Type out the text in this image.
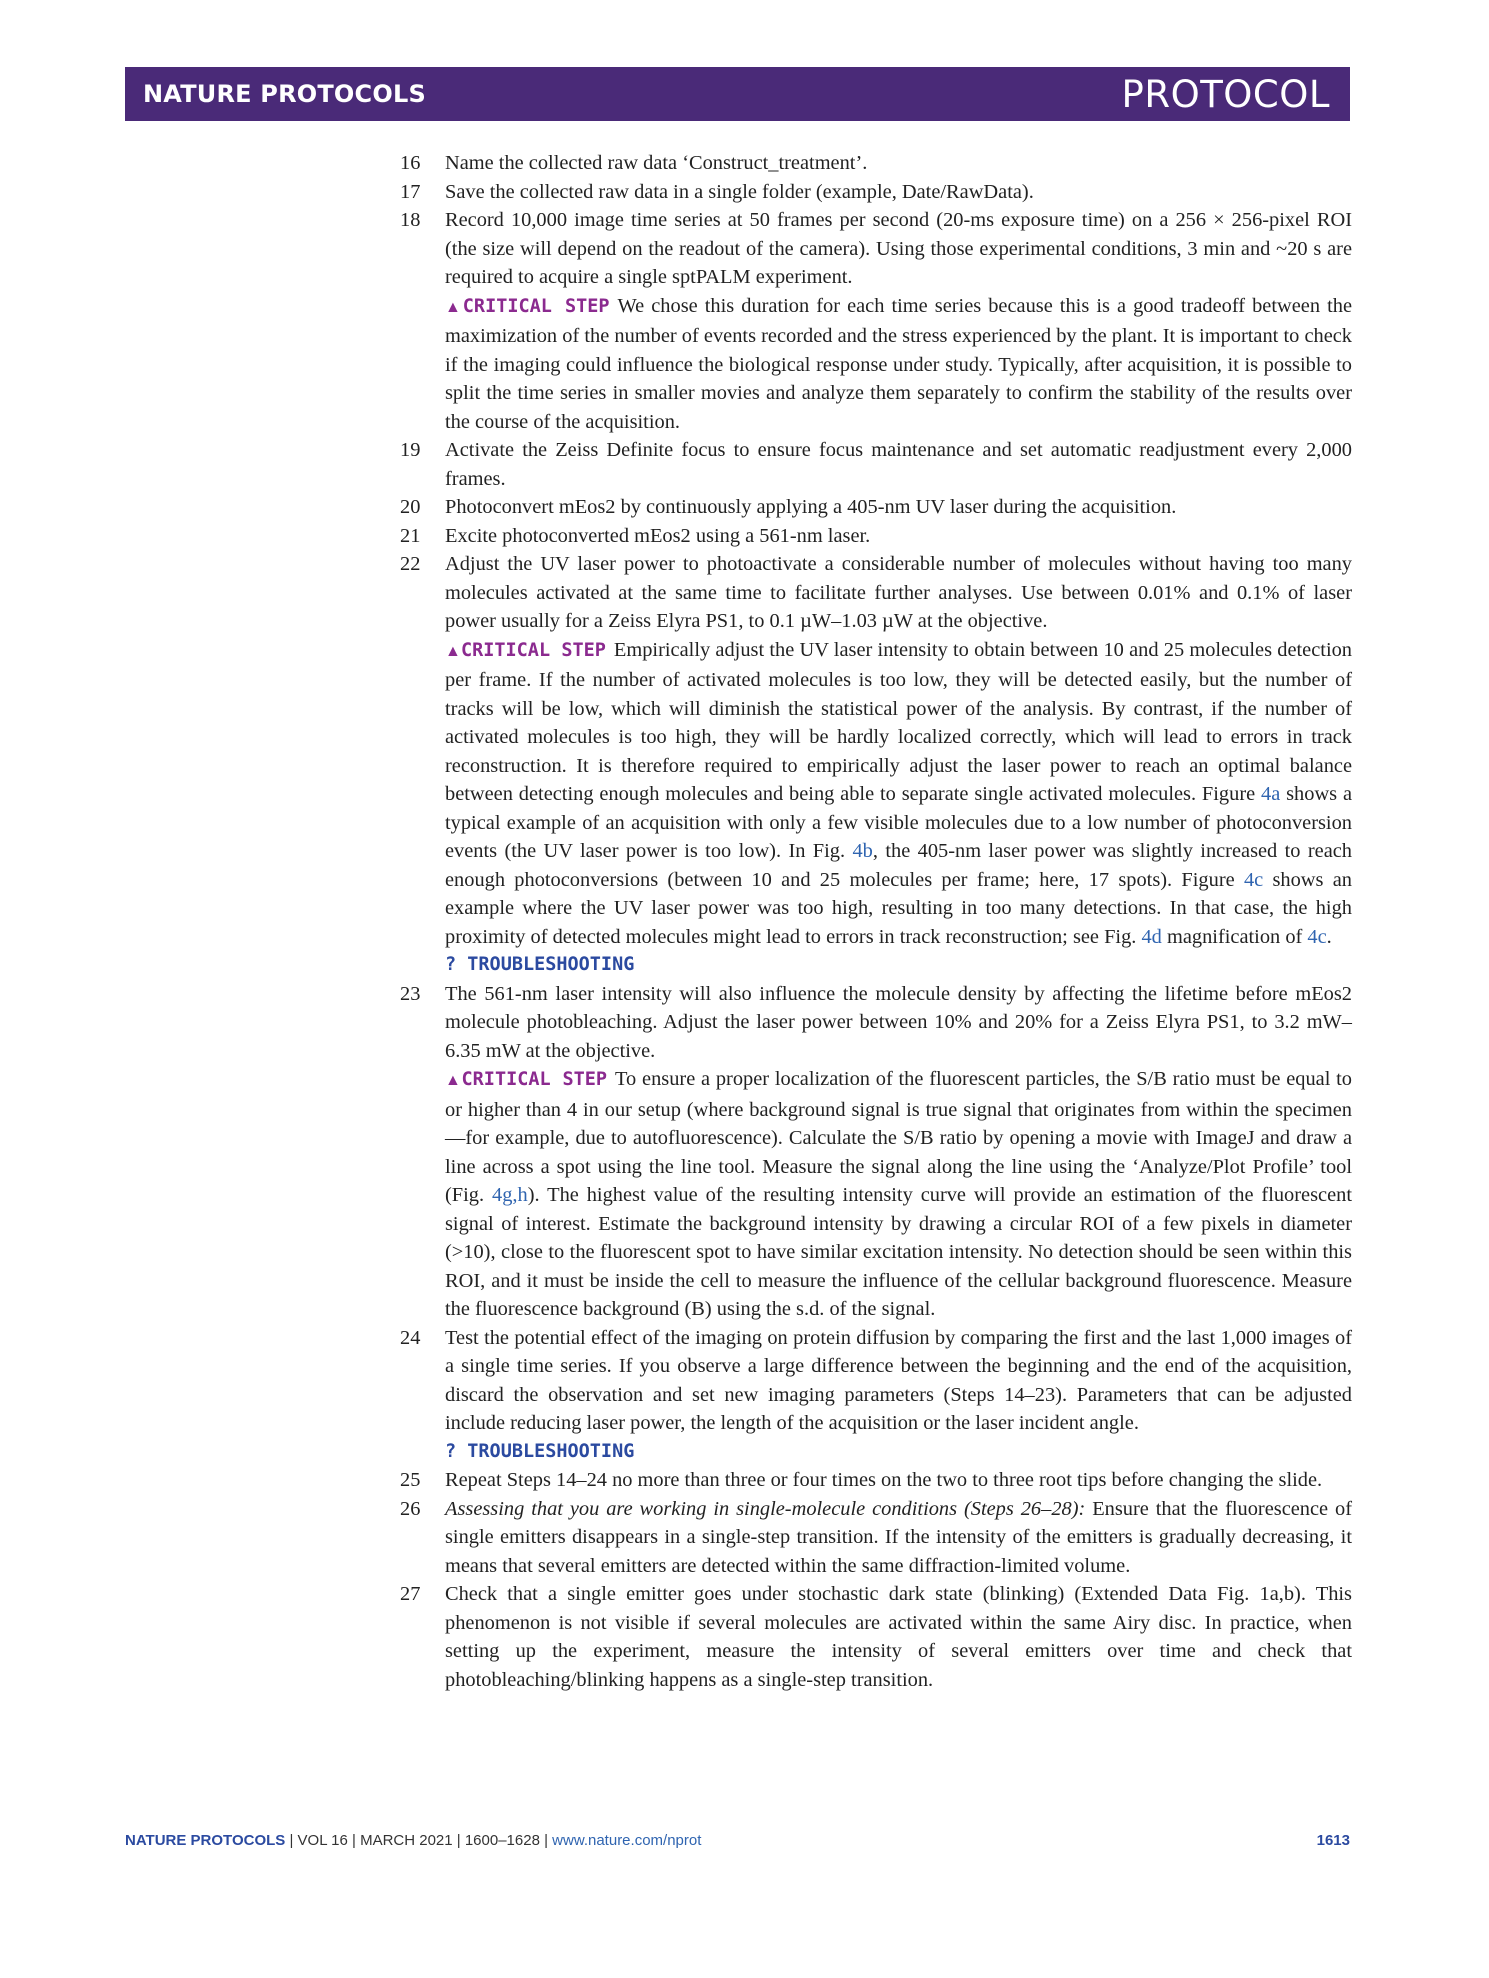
NATURE PROTOCOLS	PROTOCOL
16	Name the collected raw data ‘Construct_treatment’.

17	Save the collected raw data in a single folder (example, Date/RawData).

18	Record 10,000 image time series at 50 frames per second (20-ms exposure time) on a 256 × 256-pixel ROI (the size will depend on the readout of the camera). Using those experimental conditions, 3 min and ~20 s are required to acquire a single sptPALM experiment.

▲CRITICAL STEP We chose this duration for each time series because this is a good tradeoff between the maximization of the number of events recorded and the stress experienced by the plant. It is important to check if the imaging could influence the biological response under study. Typically, after acquisition, it is possible to split the time series in smaller movies and analyze them separately to confirm the stability of the results over the course of the acquisition.

19	Activate the Zeiss Definite focus to ensure focus maintenance and set automatic readjustment every 2,000 frames.

20	Photoconvert mEos2 by continuously applying a 405-nm UV laser during the acquisition.

21	Excite photoconverted mEos2 using a 561-nm laser.

22	Adjust the UV laser power to photoactivate a considerable number of molecules without having too many molecules activated at the same time to facilitate further analyses. Use between 0.01% and 0.1% of laser power usually for a Zeiss Elyra PS1, to 0.1 µW–1.03 µW at the objective.

▲CRITICAL STEP Empirically adjust the UV laser intensity to obtain between 10 and 25 molecules detection per frame. If the number of activated molecules is too low, they will be detected easily, but the number of tracks will be low, which will diminish the statistical power of the analysis. By contrast, if the number of activated molecules is too high, they will be hardly localized correctly, which will lead to errors in track reconstruction. It is therefore required to empirically adjust the laser power to reach an optimal balance between detecting enough molecules and being able to separate single activated molecules. Figure 4a shows a typical example of an acquisition with only a few visible molecules due to a low number of photoconversion events (the UV laser power is too low). In Fig. 4b, the 405-nm laser power was slightly increased to reach enough photoconversions (between 10 and 25 molecules per frame; here, 17 spots). Figure 4c shows an example where the UV laser power was too high, resulting in too many detections. In that case, the high proximity of detected molecules might lead to errors in track reconstruction; see Fig. 4d magnification of 4c.

? TROUBLESHOOTING

23	The 561-nm laser intensity will also influence the molecule density by affecting the lifetime before mEos2 molecule photobleaching. Adjust the laser power between 10% and 20% for a Zeiss Elyra PS1, to 3.2 mW–6.35 mW at the objective.

▲CRITICAL STEP To ensure a proper localization of the fluorescent particles, the S/B ratio must be equal to or higher than 4 in our setup (where background signal is true signal that originates from within the specimen—for example, due to autofluorescence). Calculate the S/B ratio by opening a movie with ImageJ and draw a line across a spot using the line tool. Measure the signal along the line using the ‘Analyze/Plot Profile’ tool (Fig. 4g,h). The highest value of the resulting intensity curve will provide an estimation of the fluorescent signal of interest. Estimate the background intensity by drawing a circular ROI of a few pixels in diameter (>10), close to the fluorescent spot to have similar excitation intensity. No detection should be seen within this ROI, and it must be inside the cell to measure the influence of the cellular background fluorescence. Measure the fluorescence background (B) using the s.d. of the signal.

24	Test the potential effect of the imaging on protein diffusion by comparing the first and the last 1,000 images of a single time series. If you observe a large difference between the beginning and the end of the acquisition, discard the observation and set new imaging parameters (Steps 14–23). Parameters that can be adjusted include reducing laser power, the length of the acquisition or the laser incident angle.

? TROUBLESHOOTING

25	Repeat Steps 14–24 no more than three or four times on the two to three root tips before changing the slide.

26	Assessing that you are working in single-molecule conditions (Steps 26–28): Ensure that the fluorescence of single emitters disappears in a single-step transition. If the intensity of the emitters is gradually decreasing, it means that several emitters are detected within the same diffraction-limited volume.

27	Check that a single emitter goes under stochastic dark state (blinking) (Extended Data Fig. 1a,b). This phenomenon is not visible if several molecules are activated within the same Airy disc. In practice, when setting up the experiment, measure the intensity of several emitters over time and check that photobleaching/blinking happens as a single-step transition.

NATURE PROTOCOLS | VOL 16 | MARCH 2021 | 1600–1628 | www.nature.com/nprot	1613
